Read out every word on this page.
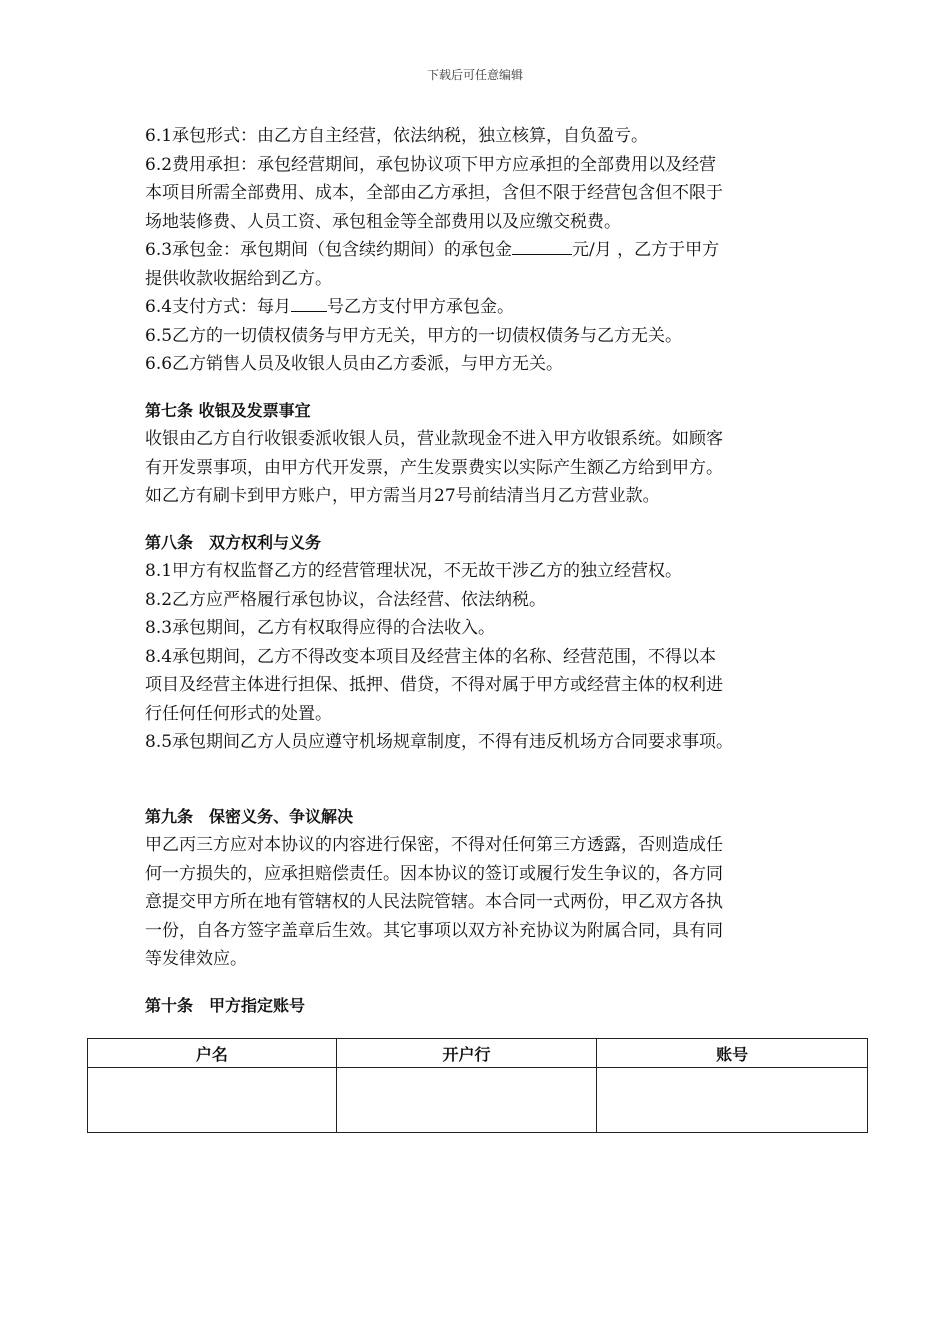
下载后可任意编辑

6.1承包形式：由乙方自主经营，依法纳税，独立核算，自负盈亏。

6.2费用承担：承包经营期间，承包协议项下甲方应承担的全部费用以及经营

本项目所需全部费用、成本，全部由乙方承担，含但不限于经营包含但不限于

场地装修费、人员工资、承包租金等全部费用以及应缴交税费。

6.3承包金：承包期间（包含续约期间）的承包金	元/月 ，乙方于甲方

提供收款收据给到乙方。

6.4支付方式：每月 号乙方支付甲方承包金。

6.5乙方的一切债权债务与甲方无关，甲方的一切债权债务与乙方无关。

6.6乙方销售人员及收银人员由乙方委派，与甲方无关。

第七条 收银及发票事宜

收银由乙方自行收银委派收银人员，营业款现金不进入甲方收银系统。如顾客

有开发票事项，由甲方代开发票，产生发票费实以实际产生额乙方给到甲方。

如乙方有刷卡到甲方账户，甲方需当月27号前结清当月乙方营业款。

第八条　双方权利与义务

8.1甲方有权监督乙方的经营管理状况，不无故干涉乙方的独立经营权。

8.2乙方应严格履行承包协议，合法经营、依法纳税。

8.3承包期间，乙方有权取得应得的合法收入。

8.4承包期间，乙方不得改变本项目及经营主体的名称、经营范围，不得以本

项目及经营主体进行担保、抵押、借贷，不得对属于甲方或经营主体的权利进

行任何任何形式的处置。

8.5承包期间乙方人员应遵守机场规章制度，不得有违反机场方合同要求事项。

第九条　保密义务、争议解决

甲乙丙三方应对本协议的内容进行保密，不得对任何第三方透露，否则造成任

何一方损失的，应承担赔偿责任。因本协议的签订或履行发生争议的，各方同

意提交甲方所在地有管辖权的人民法院管辖。本合同一式两份，甲乙双方各执

一份，自各方签字盖章后生效。其它事项以双方补充协议为附属合同，具有同

等发律效应。

第十条　甲方指定账号

户名	开户行	账号
